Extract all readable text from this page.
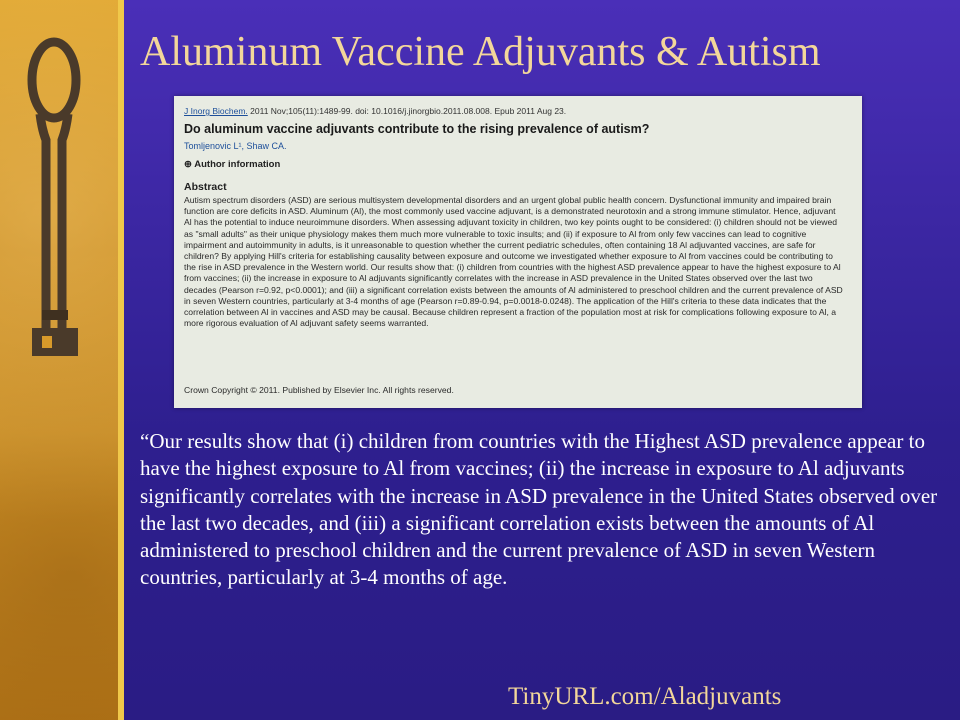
Aluminum Vaccine Adjuvants & Autism
J Inorg Biochem. 2011 Nov;105(11):1489-99. doi: 10.1016/j.jinorgbio.2011.08.008. Epub 2011 Aug 23.
Do aluminum vaccine adjuvants contribute to the rising prevalence of autism?
Tomljenovic L¹, Shaw CA.
⊕ Author information
Abstract
Autism spectrum disorders (ASD) are serious multisystem developmental disorders and an urgent global public health concern. Dysfunctional immunity and impaired brain function are core deficits in ASD. Aluminum (Al), the most commonly used vaccine adjuvant, is a demonstrated neurotoxin and a strong immune stimulator. Hence, adjuvant Al has the potential to induce neuroimmune disorders. When assessing adjuvant toxicity in children, two key points ought to be considered: (i) children should not be viewed as "small adults" as their unique physiology makes them much more vulnerable to toxic insults; and (ii) if exposure to Al from only few vaccines can lead to cognitive impairment and autoimmunity in adults, is it unreasonable to question whether the current pediatric schedules, often containing 18 Al adjuvanted vaccines, are safe for children? By applying Hill's criteria for establishing causality between exposure and outcome we investigated whether exposure to Al from vaccines could be contributing to the rise in ASD prevalence in the Western world. Our results show that: (i) children from countries with the highest ASD prevalence appear to have the highest exposure to Al from vaccines; (ii) the increase in exposure to Al adjuvants significantly correlates with the increase in ASD prevalence in the United States observed over the last two decades (Pearson r=0.92, p<0.0001); and (iii) a significant correlation exists between the amounts of Al administered to preschool children and the current prevalence of ASD in seven Western countries, particularly at 3-4 months of age (Pearson r=0.89-0.94, p=0.0018-0.0248). The application of the Hill's criteria to these data indicates that the correlation between Al in vaccines and ASD may be causal. Because children represent a fraction of the population most at risk for complications following exposure to Al, a more rigorous evaluation of Al adjuvant safety seems warranted.
Crown Copyright © 2011. Published by Elsevier Inc. All rights reserved.

“Our results show that (i) children from countries with the Highest ASD prevalence appear to have the highest exposure to Al from vaccines; (ii) the increase in exposure to Al adjuvants significantly correlates with the increase in ASD prevalence in the United States observed over the last two decades, and (iii) a significant correlation exists between the amounts of Al administered to preschool children and the current prevalence of ASD in seven Western countries, particularly at 3-4 months of age.

TinyURL.com/Aladjuvants
